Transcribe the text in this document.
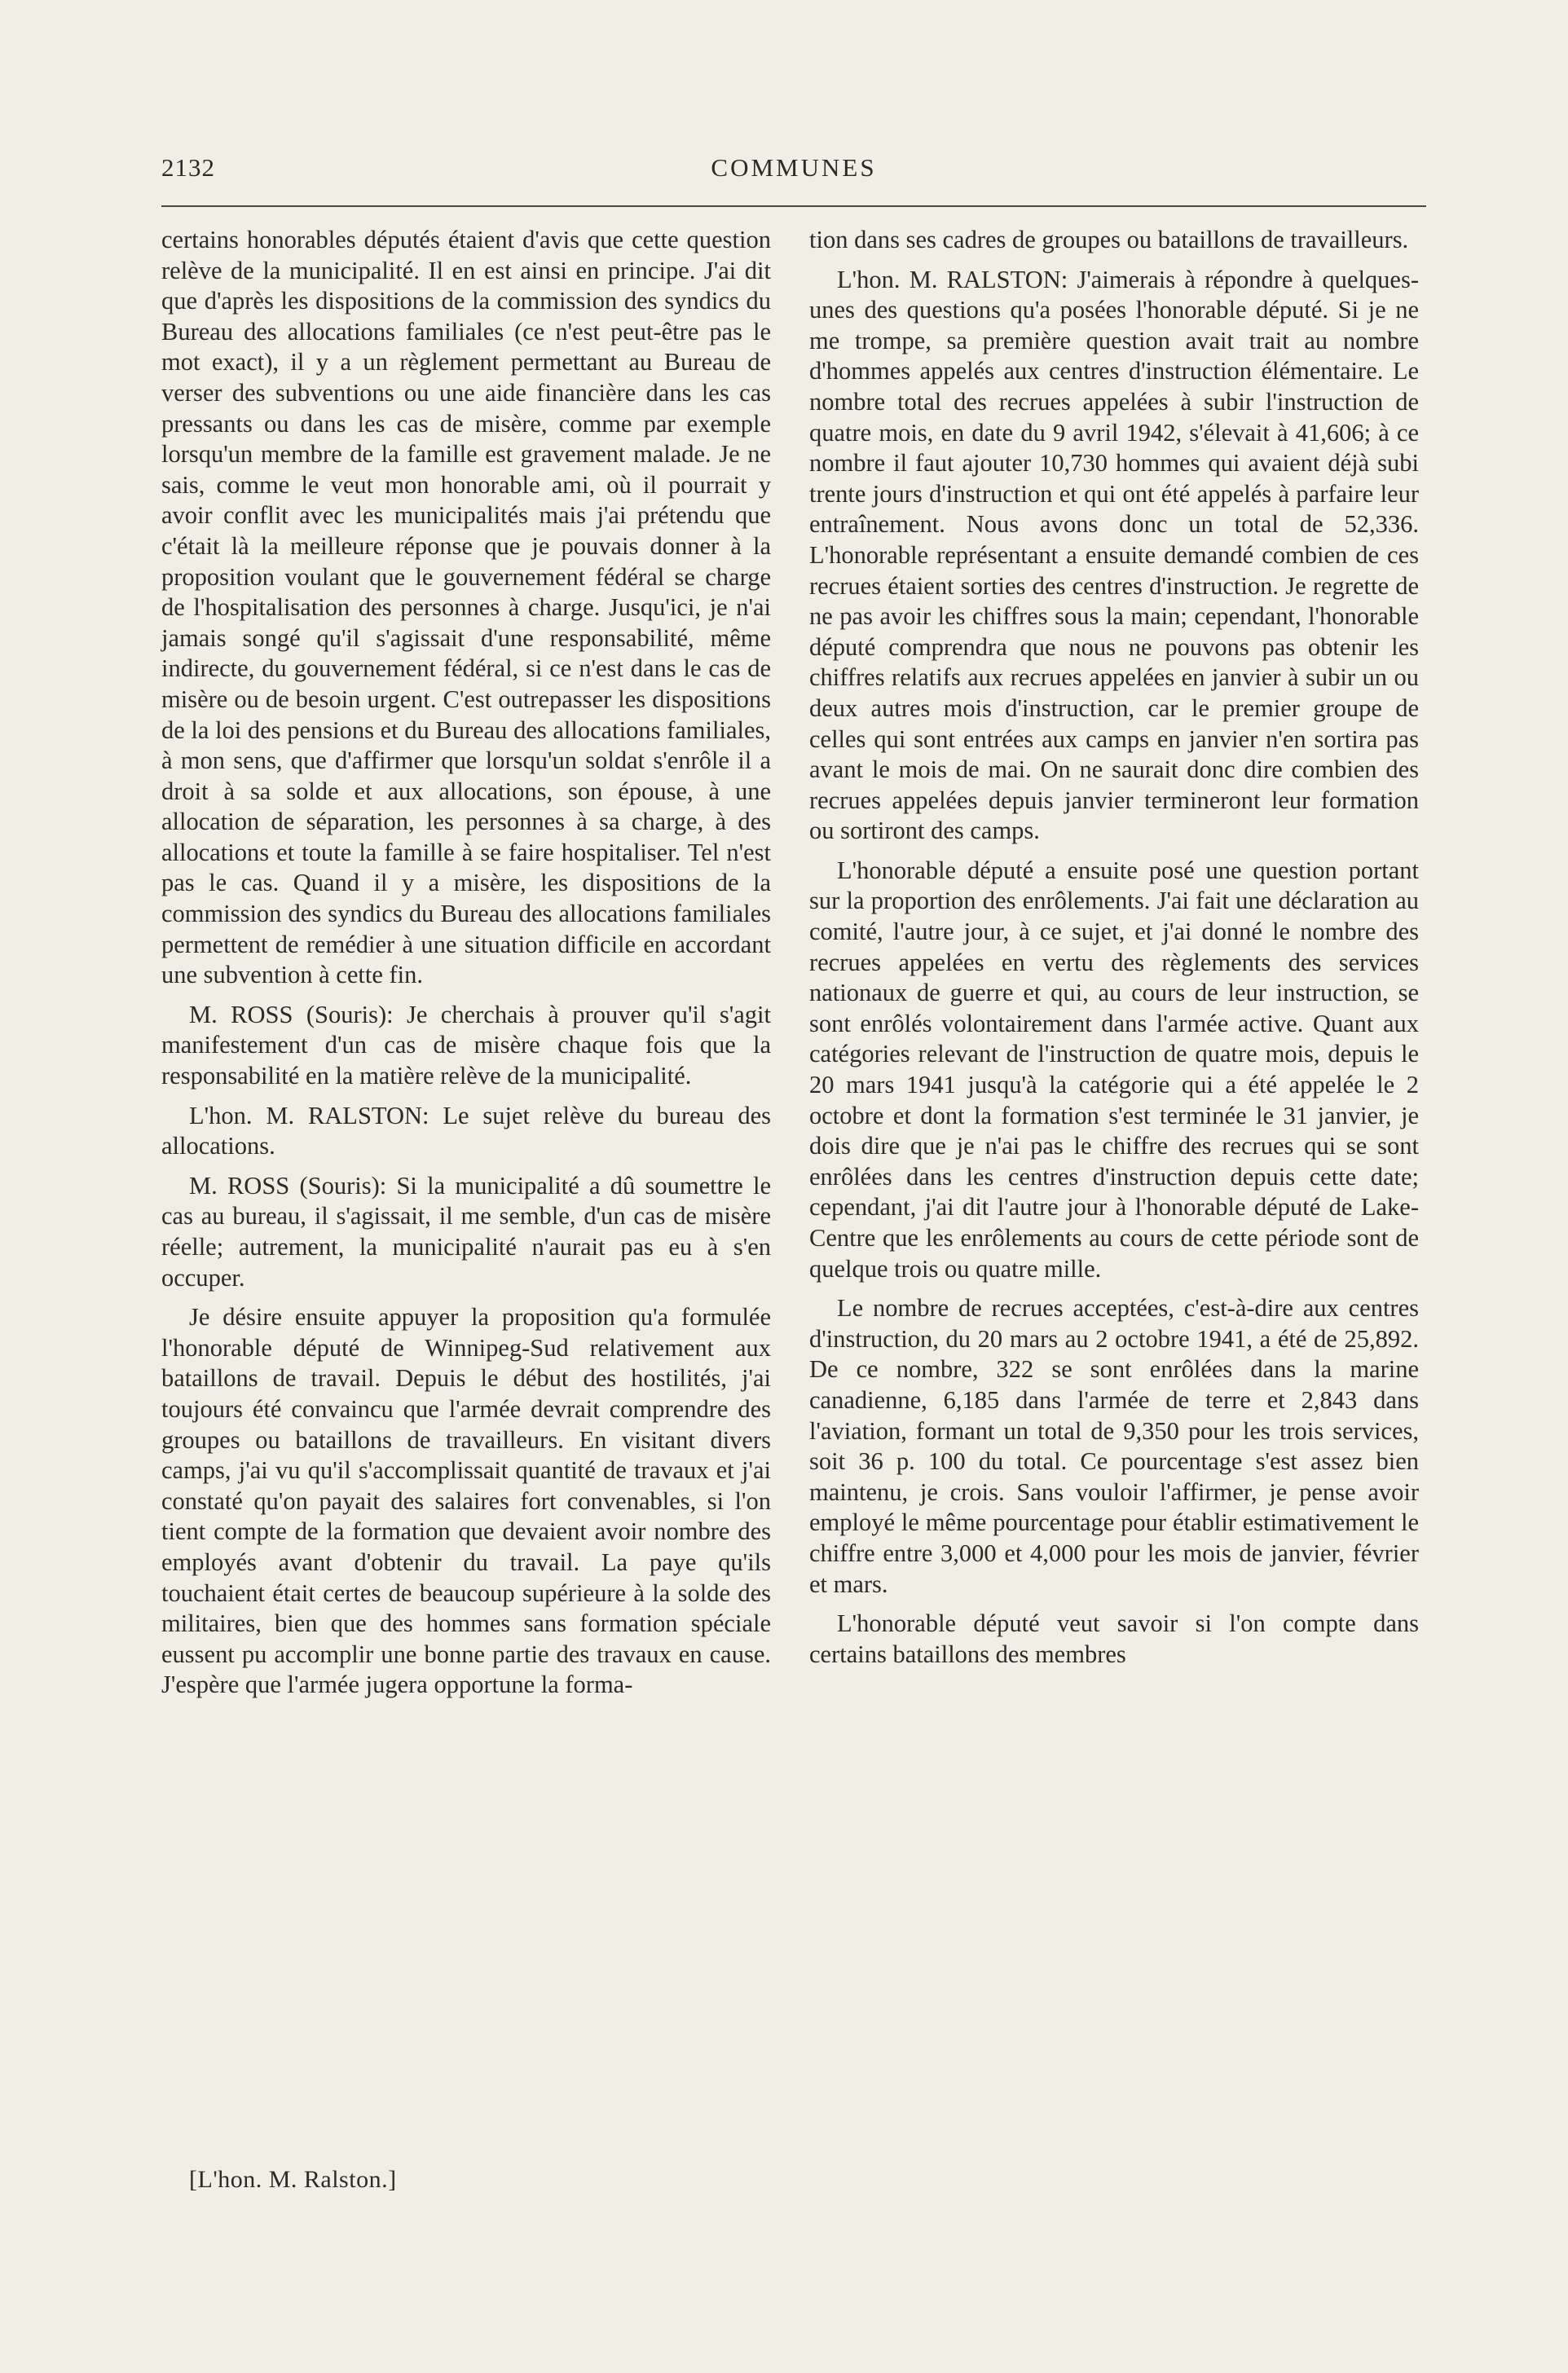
2132	COMMUNES

certains honorables députés étaient d'avis que cette question relève de la municipalité. Il en est ainsi en principe. J'ai dit que d'après les dispositions de la commission des syndics du Bureau des allocations familiales (ce n'est peut-être pas le mot exact), il y a un règlement permettant au Bureau de verser des subventions ou une aide financière dans les cas pressants ou dans les cas de misère, comme par exemple lorsqu'un membre de la famille est gravement malade. Je ne sais, comme le veut mon honorable ami, où il pourrait y avoir conflit avec les municipalités mais j'ai prétendu que c'était là la meilleure réponse que je pouvais donner à la proposition voulant que le gouvernement fédéral se charge de l'hospitalisation des personnes à charge. Jusqu'ici, je n'ai jamais songé qu'il s'agissait d'une responsabilité, même indirecte, du gouvernement fédéral, si ce n'est dans le cas de misère ou de besoin urgent. C'est outrepasser les dispositions de la loi des pensions et du Bureau des allocations familiales, à mon sens, que d'affirmer que lorsqu'un soldat s'enrôle il a droit à sa solde et aux allocations, son épouse, à une allocation de séparation, les personnes à sa charge, à des allocations et toute la famille à se faire hospitaliser. Tel n'est pas le cas. Quand il y a misère, les dispositions de la commission des syndics du Bureau des allocations familiales permettent de remédier à une situation difficile en accordant une subvention à cette fin.

M. ROSS (Souris): Je cherchais à prouver qu'il s'agit manifestement d'un cas de misère chaque fois que la responsabilité en la matière relève de la municipalité.

L'hon. M. RALSTON: Le sujet relève du bureau des allocations.

M. ROSS (Souris): Si la municipalité a dû soumettre le cas au bureau, il s'agissait, il me semble, d'un cas de misère réelle; autrement, la municipalité n'aurait pas eu à s'en occuper.

Je désire ensuite appuyer la proposition qu'a formulée l'honorable député de Winnipeg-Sud relativement aux bataillons de travail. Depuis le début des hostilités, j'ai toujours été convaincu que l'armée devrait comprendre des groupes ou bataillons de travailleurs. En visitant divers camps, j'ai vu qu'il s'accomplissait quantité de travaux et j'ai constaté qu'on payait des salaires fort convenables, si l'on tient compte de la formation que devaient avoir nombre des employés avant d'obtenir du travail. La paye qu'ils touchaient était certes de beaucoup supérieure à la solde des militaires, bien que des hommes sans formation spéciale eussent pu accomplir une bonne partie des travaux en cause. J'espère que l'armée jugera opportune la forma-

tion dans ses cadres de groupes ou bataillons de travailleurs.

L'hon. M. RALSTON: J'aimerais à répondre à quelques-unes des questions qu'a posées l'honorable député. Si je ne me trompe, sa première question avait trait au nombre d'hommes appelés aux centres d'instruction élémentaire. Le nombre total des recrues appelées à subir l'instruction de quatre mois, en date du 9 avril 1942, s'élevait à 41,606; à ce nombre il faut ajouter 10,730 hommes qui avaient déjà subi trente jours d'instruction et qui ont été appelés à parfaire leur entraînement. Nous avons donc un total de 52,336. L'honorable représentant a ensuite demandé combien de ces recrues étaient sorties des centres d'instruction. Je regrette de ne pas avoir les chiffres sous la main; cependant, l'honorable député comprendra que nous ne pouvons pas obtenir les chiffres relatifs aux recrues appelées en janvier à subir un ou deux autres mois d'instruction, car le premier groupe de celles qui sont entrées aux camps en janvier n'en sortira pas avant le mois de mai. On ne saurait donc dire combien des recrues appelées depuis janvier termineront leur formation ou sortiront des camps.

L'honorable député a ensuite posé une question portant sur la proportion des enrôlements. J'ai fait une déclaration au comité, l'autre jour, à ce sujet, et j'ai donné le nombre des recrues appelées en vertu des règlements des services nationaux de guerre et qui, au cours de leur instruction, se sont enrôlés volontairement dans l'armée active. Quant aux catégories relevant de l'instruction de quatre mois, depuis le 20 mars 1941 jusqu'à la catégorie qui a été appelée le 2 octobre et dont la formation s'est terminée le 31 janvier, je dois dire que je n'ai pas le chiffre des recrues qui se sont enrôlées dans les centres d'instruction depuis cette date; cependant, j'ai dit l'autre jour à l'honorable député de Lake-Centre que les enrôlements au cours de cette période sont de quelque trois ou quatre mille.

Le nombre de recrues acceptées, c'est-à-dire aux centres d'instruction, du 20 mars au 2 octobre 1941, a été de 25,892. De ce nombre, 322 se sont enrôlées dans la marine canadienne, 6,185 dans l'armée de terre et 2,843 dans l'aviation, formant un total de 9,350 pour les trois services, soit 36 p. 100 du total. Ce pourcentage s'est assez bien maintenu, je crois. Sans vouloir l'affirmer, je pense avoir employé le même pourcentage pour établir estimativement le chiffre entre 3,000 et 4,000 pour les mois de janvier, février et mars.

L'honorable député veut savoir si l'on compte dans certains bataillons des membres

[L'hon. M. Ralston.]
